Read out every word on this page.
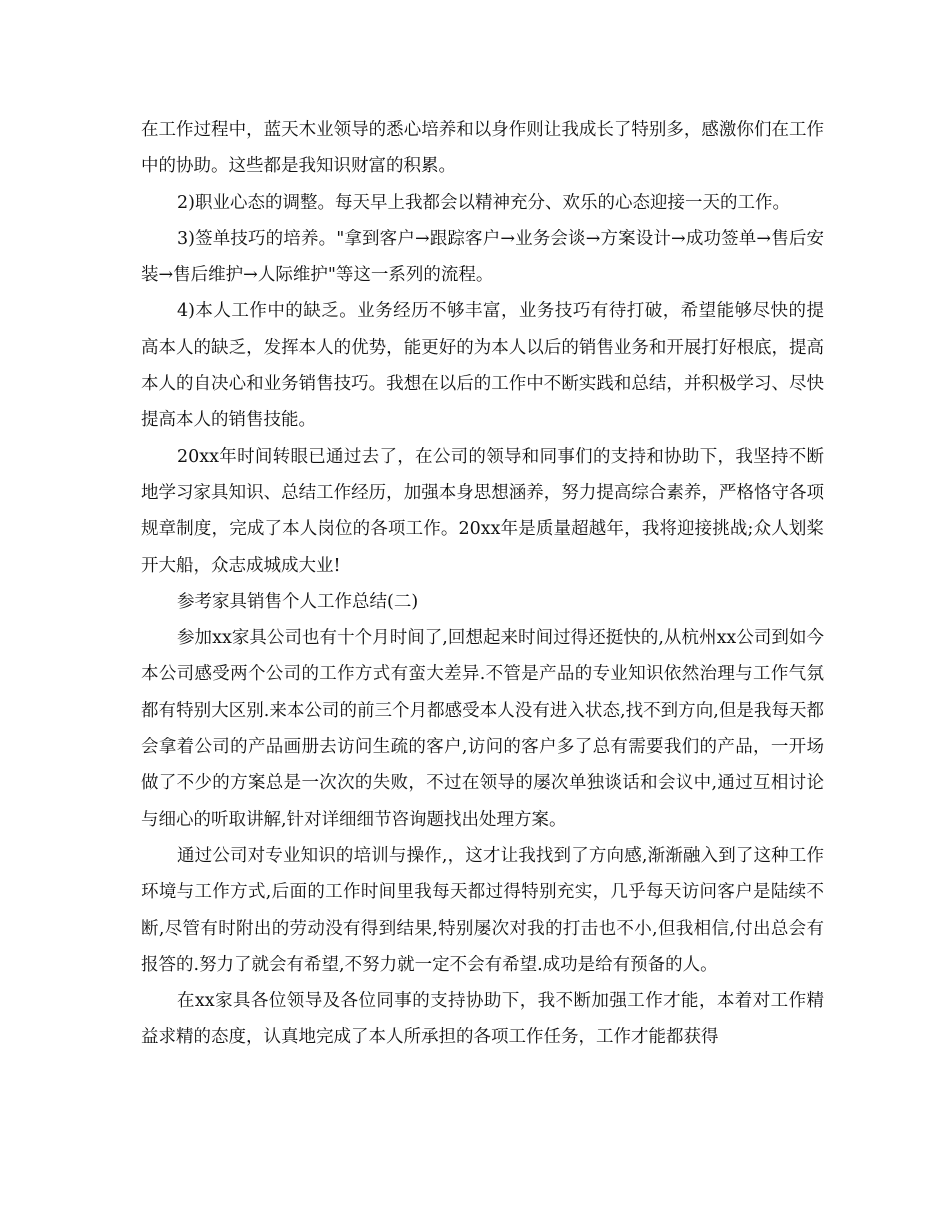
在工作过程中，蓝天木业领导的悉心培养和以身作则让我成长了特别多，感激你们在工作中的协助。这些都是我知识财富的积累。

2)职业心态的调整。每天早上我都会以精神充分、欢乐的心态迎接一天的工作。

3)签单技巧的培养。"拿到客户→跟踪客户→业务会谈→方案设计→成功签单→售后安装→售后维护→人际维护"等这一系列的流程。

4)本人工作中的缺乏。业务经历不够丰富，业务技巧有待打破，希望能够尽快的提高本人的缺乏，发挥本人的优势，能更好的为本人以后的销售业务和开展打好根底，提高本人的自决心和业务销售技巧。我想在以后的工作中不断实践和总结，并积极学习、尽快提高本人的销售技能。

20xx年时间转眼已通过去了，在公司的领导和同事们的支持和协助下，我坚持不断地学习家具知识、总结工作经历，加强本身思想涵养，努力提高综合素养，严格恪守各项规章制度，完成了本人岗位的各项工作。20xx年是质量超越年，我将迎接挑战;众人划桨开大船，众志成城成大业!

参考家具销售个人工作总结(二)

参加xx家具公司也有十个月时间了,回想起来时间过得还挺快的,从杭州xx公司到如今本公司感受两个公司的工作方式有蛮大差异.不管是产品的专业知识依然治理与工作气氛都有特别大区别.来本公司的前三个月都感受本人没有进入状态,找不到方向,但是我每天都会拿着公司的产品画册去访问生疏的客户,访问的客户多了总有需要我们的产品，一开场做了不少的方案总是一次次的失败，不过在领导的屡次单独谈话和会议中,通过互相讨论与细心的听取讲解,针对详细细节咨询题找出处理方案。

通过公司对专业知识的培训与操作,，这才让我找到了方向感,渐渐融入到了这种工作环境与工作方式,后面的工作时间里我每天都过得特别充实，几乎每天访问客户是陆续不断,尽管有时附出的劳动没有得到结果,特别屡次对我的打击也不小,但我相信,付出总会有报答的.努力了就会有希望,不努力就一定不会有希望.成功是给有预备的人。

在xx家具各位领导及各位同事的支持协助下，我不断加强工作才能，本着对工作精益求精的态度，认真地完成了本人所承担的各项工作任务，工作才能都获得
